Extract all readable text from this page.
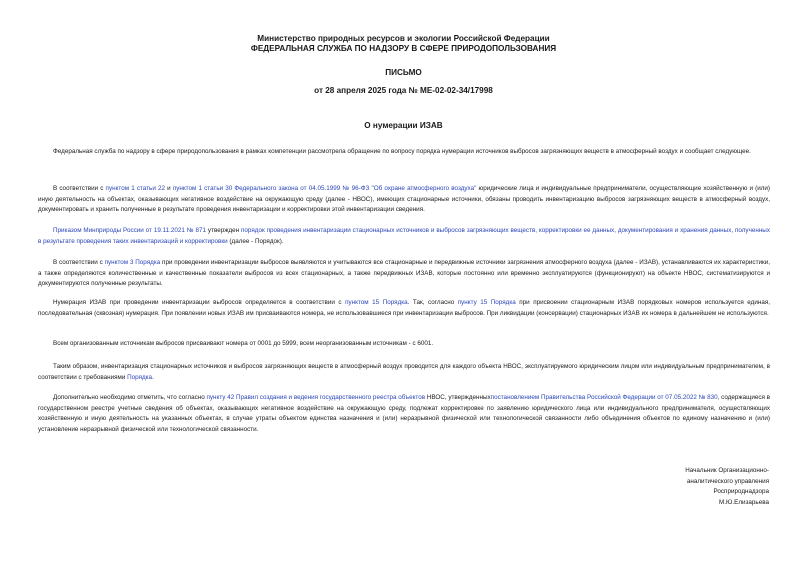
Министерство природных ресурсов и экологии Российской Федерации
ФЕДЕРАЛЬНАЯ СЛУЖБА ПО НАДЗОРУ В СФЕРЕ ПРИРОДОПОЛЬЗОВАНИЯ
ПИСЬМО
от 28 апреля 2025 года № МЕ-02-02-34/17998
О нумерации ИЗАВ

Федеральная служба по надзору в сфере природопользования в рамках компетенции рассмотрела обращение по вопросу порядка нумерации источников выбросов загрязняющих веществ в атмосферный воздух и сообщает следующее.

В соответствии с пунктом 1 статьи 22 и пунктом 1 статьи 30 Федерального закона от 04.05.1999 № 96-ФЗ "Об охране атмосферного воздуха" юридические лица и индивидуальные предприниматели, осуществляющие хозяйственную и (или) иную деятельность на объектах, оказывающих негативное воздействие на окружающую среду (далее - НВОС), имеющих стационарные источники, обязаны проводить инвентаризацию выбросов загрязняющих веществ в атмосферный воздух, документировать и хранить полученные в результате проведения инвентаризации и корректировки этой инвентаризации сведения.

Приказом Минприроды России от 19.11.2021 № 871 утвержден порядок проведения инвентаризации стационарных источников и выбросов загрязняющих веществ, корректировки ее данных, документирования и хранения данных, полученных в результате проведения таких инвентаризаций и корректировки (далее - Порядок).

В соответствии с пунктом 3 Порядка при проведении инвентаризации выбросов выявляются и учитываются все стационарные и передвижные источники загрязнения атмосферного воздуха (далее - ИЗАВ), устанавливаются их характеристики, а также определяются количественные и качественные показатели выбросов из всех стационарных, а также передвижных ИЗАВ, которые постоянно или временно эксплуатируются (функционируют) на объекте НВОС, систематизируются и документируются полученные результаты.

Нумерация ИЗАВ при проведении инвентаризации выбросов определяется в соответствии с пунктом 15 Порядка. Так, согласно пункту 15 Порядка при присвоении стационарным ИЗАВ порядковых номеров используется единая, последовательная (сквозная) нумерация. При появлении новых ИЗАВ им присваиваются номера, не использовавшиеся при инвентаризации выбросов. При ликвидации (консервации) стационарных ИЗАВ их номера в дальнейшем не используются.

Всем организованным источникам выбросов присваивают номера от 0001 до 5999, всем неорганизованным источникам - с 6001.

Таким образом, инвентаризация стационарных источников и выбросов загрязняющих веществ в атмосферный воздух проводится для каждого объекта НВОС, эксплуатируемого юридическим лицом или индивидуальным предпринимателем, в соответствии с требованиями Порядка.

Дополнительно необходимо отметить, что согласно пункту 42 Правил создания и ведения государственного реестра объектов НВОС, утвержденныхпостановлением Правительства Российской Федерации от 07.05.2022 № 830, содержащиеся в государственном реестре учетные сведения об объектах, оказывающих негативное воздействие на окружающую среду, подлежат корректировке по заявлению юридического лица или индивидуального предпринимателя, осуществляющих хозяйственную и иную деятельность на указанных объектах, в случае утраты объектом единства назначения и (или) неразрывной физической или технологической связанности либо объединения объектов по единому назначению и (или) установление неразрывной физической или технологической связанности.

Начальник Организационно-
аналитического управления
Росприроднадзора
М.Ю.Елизарьева
